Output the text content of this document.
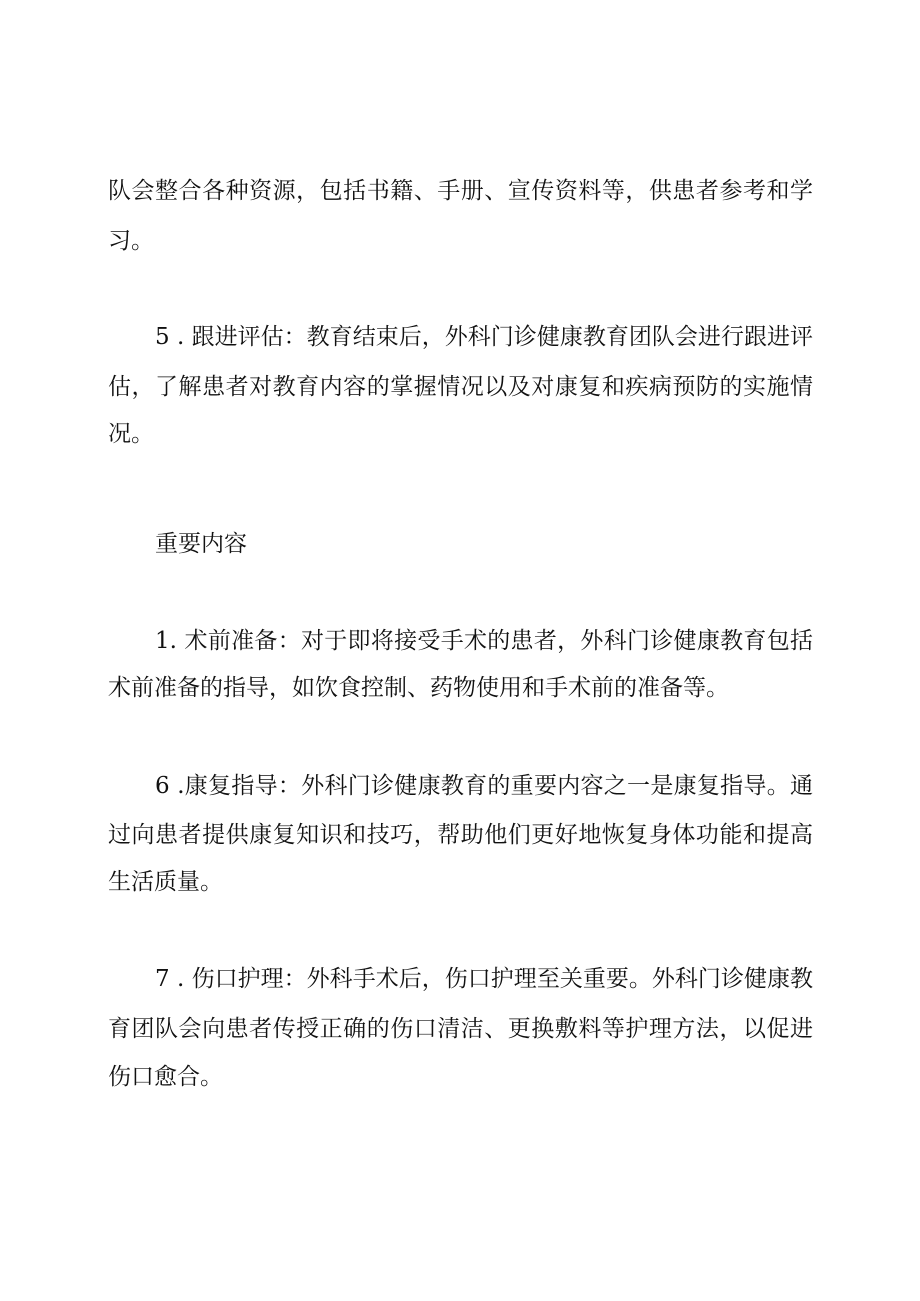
队会整合各种资源，包括书籍、手册、宣传资料等，供患者参考和学
习。
5 . 跟进评估：教育结束后，外科门诊健康教育团队会进行跟进评
估，了解患者对教育内容的掌握情况以及对康复和疾病预防的实施情
况。
重要内容
1. 术前准备：对于即将接受手术的患者，外科门诊健康教育包括
术前准备的指导，如饮食控制、药物使用和手术前的准备等。
6 .康复指导：外科门诊健康教育的重要内容之一是康复指导。通
过向患者提供康复知识和技巧，帮助他们更好地恢复身体功能和提高
生活质量。
7 . 伤口护理：外科手术后，伤口护理至关重要。外科门诊健康教
育团队会向患者传授正确的伤口清洁、更换敷料等护理方法，以促进
伤口愈合。
